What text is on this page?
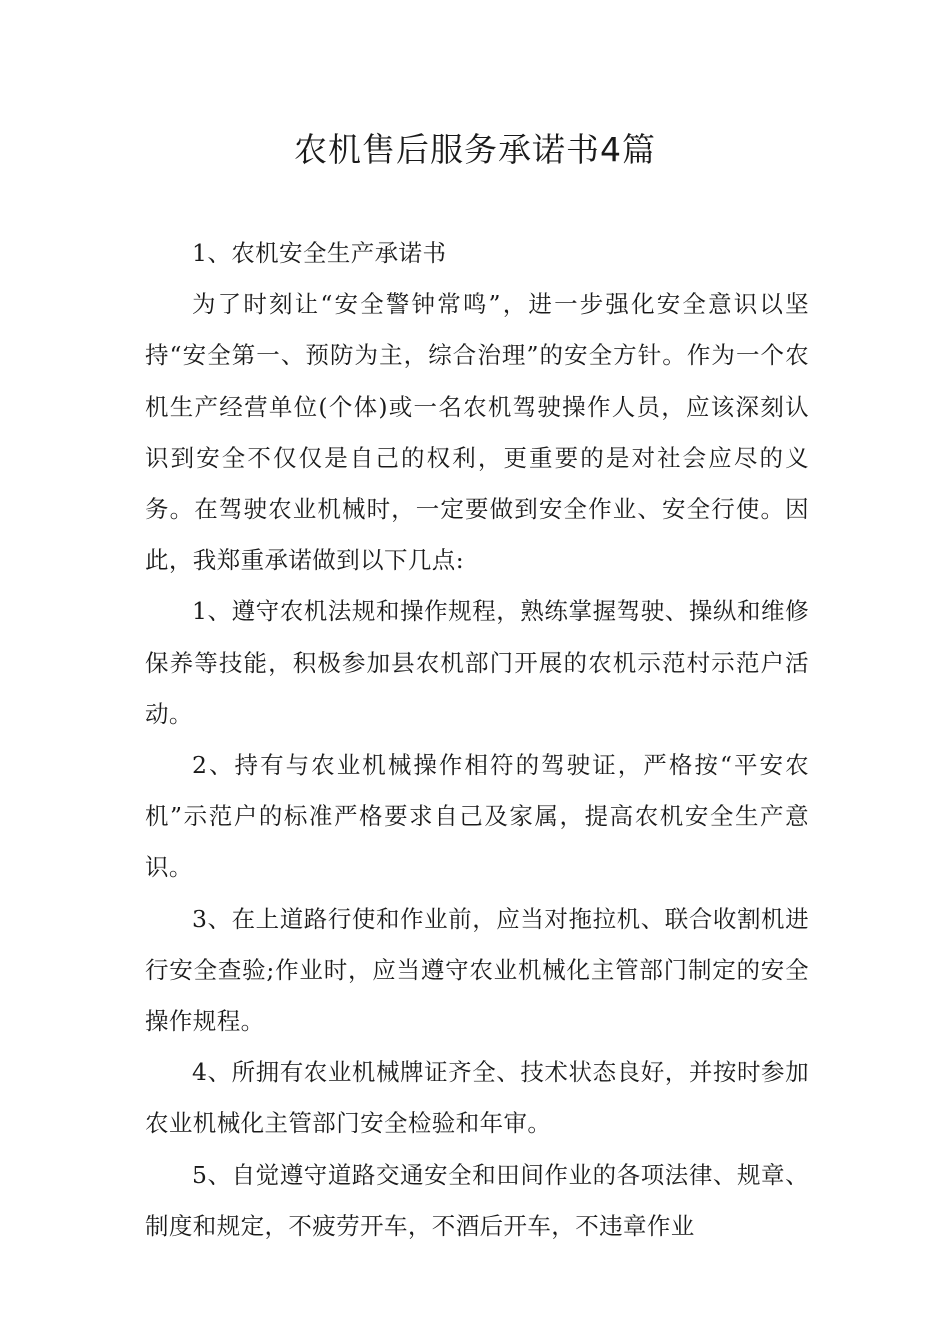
农机售后服务承诺书4篇

1、农机安全生产承诺书

为了时刻让“安全警钟常鸣”，进一步强化安全意识以坚持“安全第一、预防为主，综合治理”的安全方针。作为一个农机生产经营单位(个体)或一名农机驾驶操作人员，应该深刻认识到安全不仅仅是自己的权利，更重要的是对社会应尽的义务。在驾驶农业机械时，一定要做到安全作业、安全行使。因此，我郑重承诺做到以下几点:

1、遵守农机法规和操作规程，熟练掌握驾驶、操纵和维修保养等技能，积极参加县农机部门开展的农机示范村示范户活动。

2、持有与农业机械操作相符的驾驶证，严格按“平安农机”示范户的标准严格要求自己及家属，提高农机安全生产意识。

3、在上道路行使和作业前，应当对拖拉机、联合收割机进行安全查验;作业时，应当遵守农业机械化主管部门制定的安全操作规程。

4、所拥有农业机械牌证齐全、技术状态良好，并按时参加农业机械化主管部门安全检验和年审。

5、自觉遵守道路交通安全和田间作业的各项法律、规章、制度和规定，不疲劳开车，不酒后开车，不违章作业
